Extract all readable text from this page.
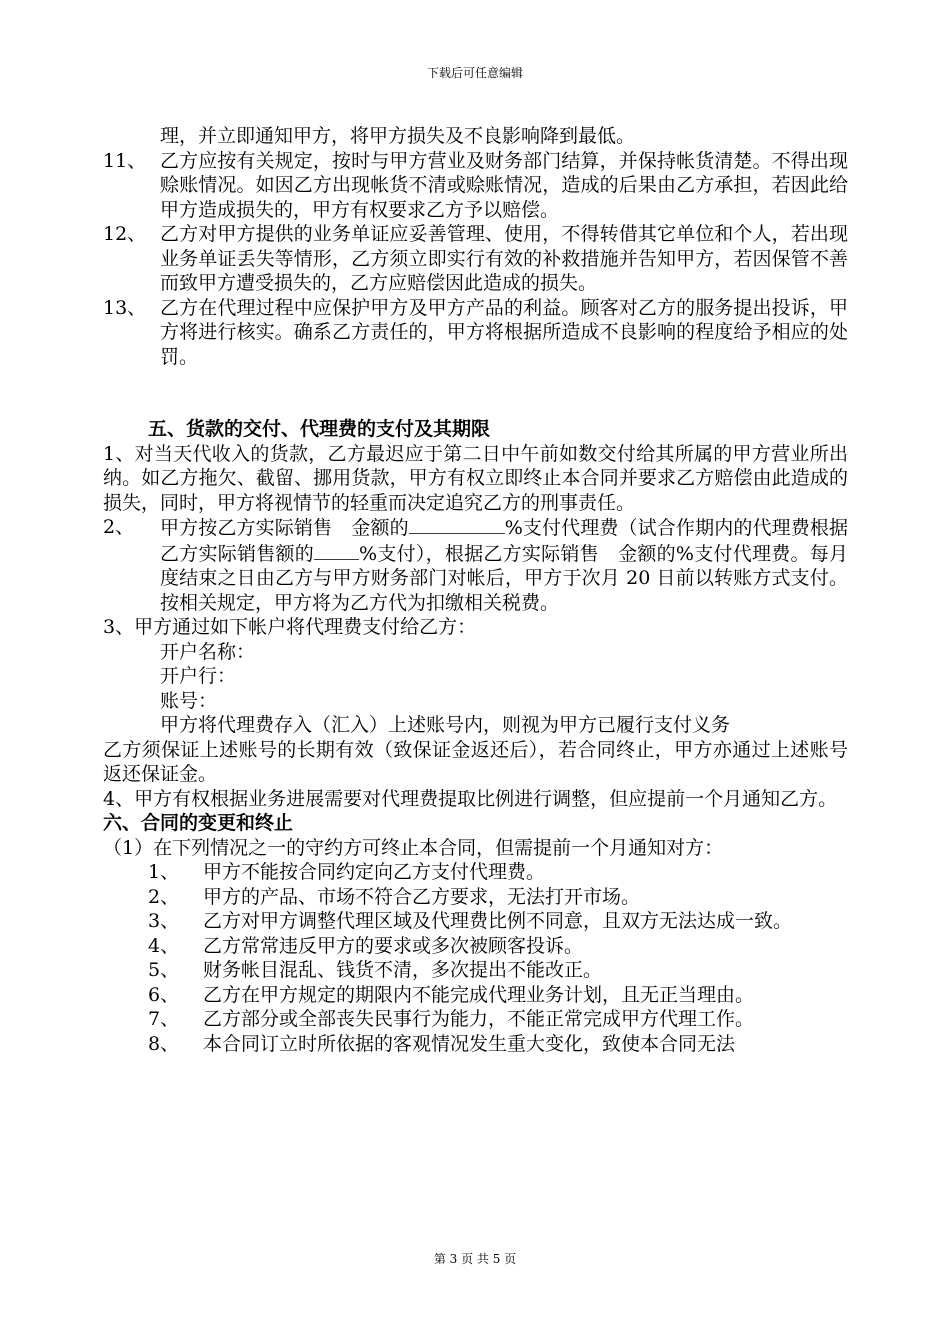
下载后可任意编辑

理，并立即通知甲方，将甲方损失及不良影响降到最低。

11、 乙方应按有关规定，按时与甲方营业及财务部门结算，并保持帐货清楚。不得出现赊账情况。如因乙方出现帐货不清或赊账情况，造成的后果由乙方承担，若因此给甲方造成损失的，甲方有权要求乙方予以赔偿。
12、 乙方对甲方提供的业务单证应妥善管理、使用，不得转借其它单位和个人，若出现业务单证丢失等情形，乙方须立即实行有效的补救措施并告知甲方，若因保管不善而致甲方遭受损失的，乙方应赔偿因此造成的损失。
13、 乙方在代理过程中应保护甲方及甲方产品的利益。顾客对乙方的服务提出投诉，甲方将进行核实。确系乙方责任的，甲方将根据所造成不良影响的程度给予相应的处罚。

五、货款的交付、代理费的支付及其期限

1、对当天代收入的货款，乙方最迟应于第二日中午前如数交付给其所属的甲方营业所出纳。如乙方拖欠、截留、挪用货款，甲方有权立即终止本合同并要求乙方赔偿由此造成的损失，同时，甲方将视情节的轻重而决定追究乙方的刑事责任。

2、	甲方按乙方实际销售　金额的	%支付代理费（试合作期内的代理费根据乙方实际销售额的 %支付），根据乙方实际销售　金额的%支付代理费。每月度结束之日由乙方与甲方财务部门对帐后，甲方于次月 20 日前以转账方式支付。按相关规定，甲方将为乙方代为扣缴相关税费。

3、甲方通过如下帐户将代理费支付给乙方：

开户名称：

开户行：

账号：

甲方将代理费存入（汇入）上述账号内，则视为甲方已履行支付义务

乙方须保证上述账号的长期有效（致保证金返还后），若合同终止，甲方亦通过上述账号返还保证金。

4、甲方有权根据业务进展需要对代理费提取比例进行调整，但应提前一个月通知乙方。

六、合同的变更和终止

（1）在下列情况之一的守约方可终止本合同，但需提前一个月通知对方：

1、	甲方不能按合同约定向乙方支付代理费。
2、	甲方的产品、市场不符合乙方要求，无法打开市场。
3、	乙方对甲方调整代理区域及代理费比例不同意，且双方无法达成一致。
4、	乙方常常违反甲方的要求或多次被顾客投诉。
5、	财务帐目混乱、钱货不清，多次提出不能改正。
6、	乙方在甲方规定的期限内不能完成代理业务计划，且无正当理由。
7、	乙方部分或全部丧失民事行为能力，不能正常完成甲方代理工作。
8、	本合同订立时所依据的客观情况发生重大变化，致使本合同无法
第 3 页 共 5 页
